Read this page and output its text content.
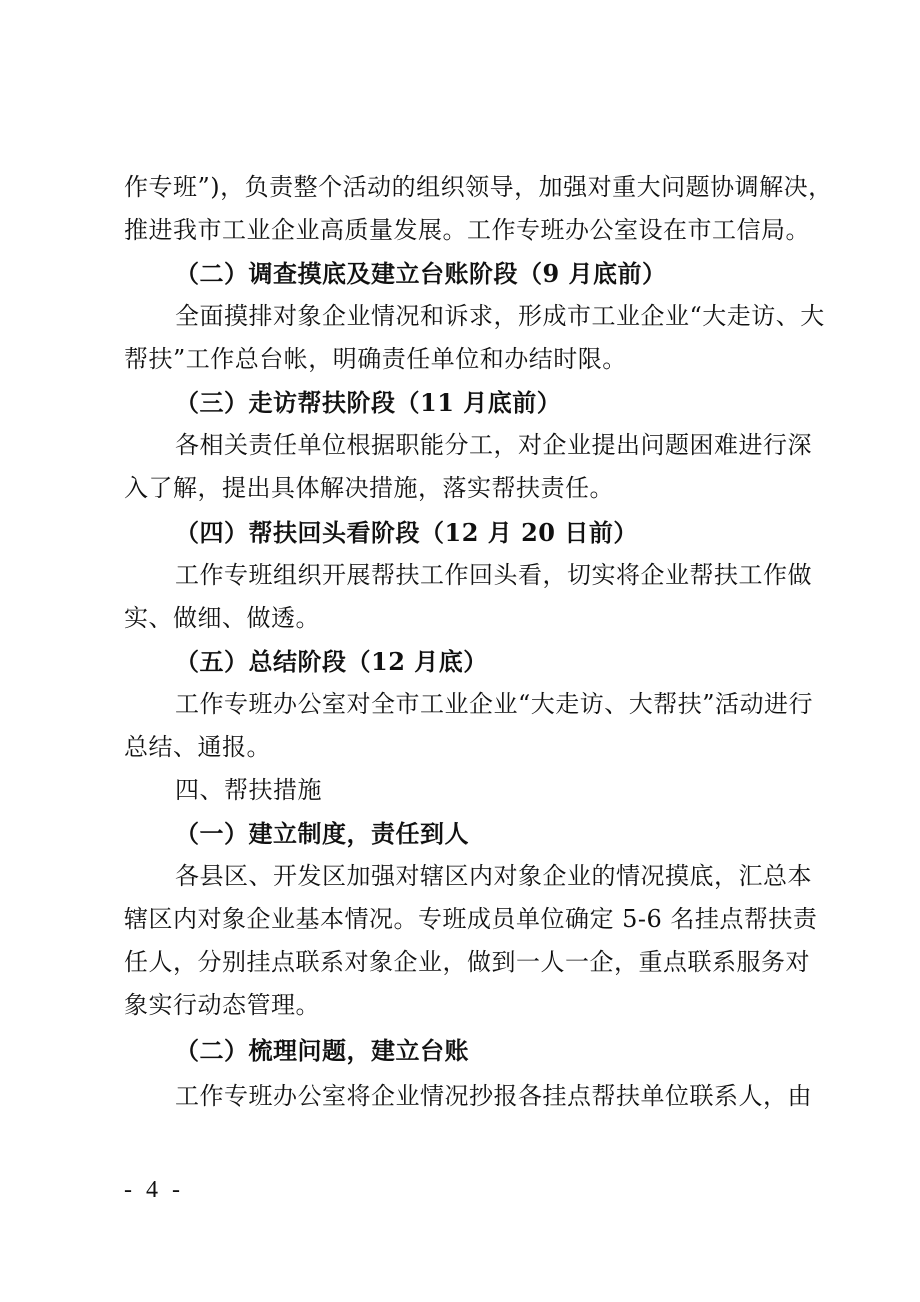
作专班”)，负责整个活动的组织领导，加强对重大问题协调解决，
推进我市工业企业高质量发展。工作专班办公室设在市工信局。
（二）调查摸底及建立台账阶段（9 月底前）
全面摸排对象企业情况和诉求，形成市工业企业“大走访、大
帮扶”工作总台帐，明确责任单位和办结时限。
（三）走访帮扶阶段（11 月底前）
各相关责任单位根据职能分工，对企业提出问题困难进行深
入了解，提出具体解决措施，落实帮扶责任。
（四）帮扶回头看阶段（12 月 20 日前）
工作专班组织开展帮扶工作回头看，切实将企业帮扶工作做
实、做细、做透。
（五）总结阶段（12 月底）
工作专班办公室对全市工业企业“大走访、大帮扶”活动进行
总结、通报。
四、帮扶措施
（一）建立制度，责任到人
各县区、开发区加强对辖区内对象企业的情况摸底，汇总本
辖区内对象企业基本情况。专班成员单位确定 5-6 名挂点帮扶责
任人，分别挂点联系对象企业，做到一人一企，重点联系服务对
象实行动态管理。
（二）梳理问题，建立台账
工作专班办公室将企业情况抄报各挂点帮扶单位联系人，由
- 4 -
